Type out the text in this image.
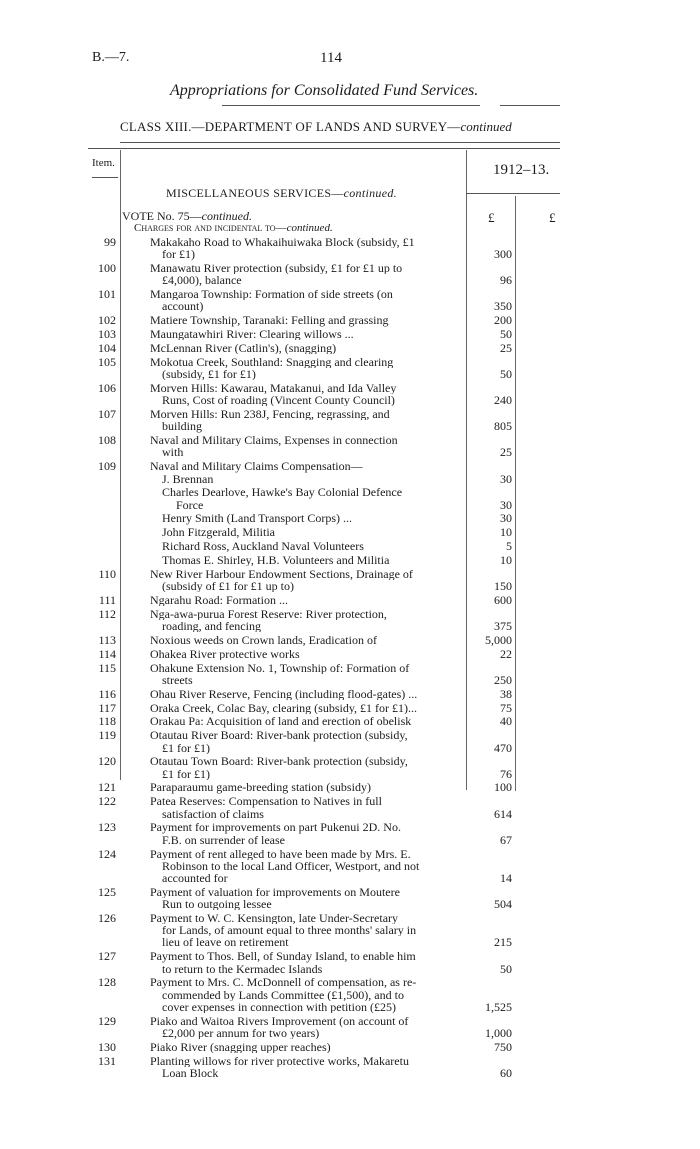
B.—7.	114
Appropriations for Consolidated Fund Services.
CLASS XIII.—DEPARTMENT OF LANDS AND SURVEY—continued
Item.	1912–13.
MISCELLANEOUS SERVICES—continued.
VOTE No. 75—continued.
Charges for and incidental to—continued.
£	£
99	Makakaho Road to Whakaihuiwaka Block (subsidy, £1
for £1)	300
100	Manawatu River protection (subsidy, £1 for £1 up to
£4,000), balance	96
101	Mangaroa Township: Formation of side streets (on
account)	350
102	Matiere Township, Taranaki: Felling and grassing	200
103	Maungatawhiri River: Clearing willows ...	50
104	McLennan River (Catlin's), (snagging)	25
105	Mokotua Creek, Southland: Snagging and clearing
(subsidy, £1 for £1)	50
106	Morven Hills: Kawarau, Matakanui, and Ida Valley
Runs, Cost of roading (Vincent County Council)	240
107	Morven Hills: Run 238J, Fencing, regrassing, and
building	805
108	Naval and Military Claims, Expenses in connection
with	25
109	Naval and Military Claims Compensation—
J. Brennan	30
Charles Dearlove, Hawke's Bay Colonial Defence
Force	30
Henry Smith (Land Transport Corps) ...	30
John Fitzgerald, Militia	10
Richard Ross, Auckland Naval Volunteers	5
Thomas E. Shirley, H.B. Volunteers and Militia	10
110	New River Harbour Endowment Sections, Drainage of
(subsidy of £1 for £1 up to)	150
111	Ngarahu Road: Formation ...	600
112	Nga-awa-purua Forest Reserve: River protection,
roading, and fencing	375
113	Noxious weeds on Crown lands, Eradication of	5,000
114	Ohakea River protective works	22
115	Ohakune Extension No. 1, Township of: Formation of
streets	250
116	Ohau River Reserve, Fencing (including flood-gates) ...	38
117	Oraka Creek, Colac Bay, clearing (subsidy, £1 for £1)...	75
118	Orakau Pa: Acquisition of land and erection of obelisk	40
119	Otautau River Board: River-bank protection (subsidy,
£1 for £1)	470
120	Otautau Town Board: River-bank protection (subsidy,
£1 for £1)	76
121	Paraparaumu game-breeding station (subsidy)	100
122	Patea Reserves: Compensation to Natives in full
satisfaction of claims	614
123	Payment for improvements on part Pukenui 2D. No.
F.B. on surrender of lease	67
124	Payment of rent alleged to have been made by Mrs. E.
Robinson to the local Land Officer, Westport, and not
accounted for	14
125	Payment of valuation for improvements on Moutere
Run to outgoing lessee	504
126	Payment to W. C. Kensington, late Under-Secretary
for Lands, of amount equal to three months' salary in
lieu of leave on retirement	215
127	Payment to Thos. Bell, of Sunday Island, to enable him
to return to the Kermadec Islands	50
128	Payment to Mrs. C. McDonnell of compensation, as re-
commended by Lands Committee (£1,500), and to
cover expenses in connection with petition (£25)	1,525
129	Piako and Waitoa Rivers Improvement (on account of
£2,000 per annum for two years)	1,000
130	Piako River (snagging upper reaches)	750
131	Planting willows for river protective works, Makaretu
Loan Block	60
